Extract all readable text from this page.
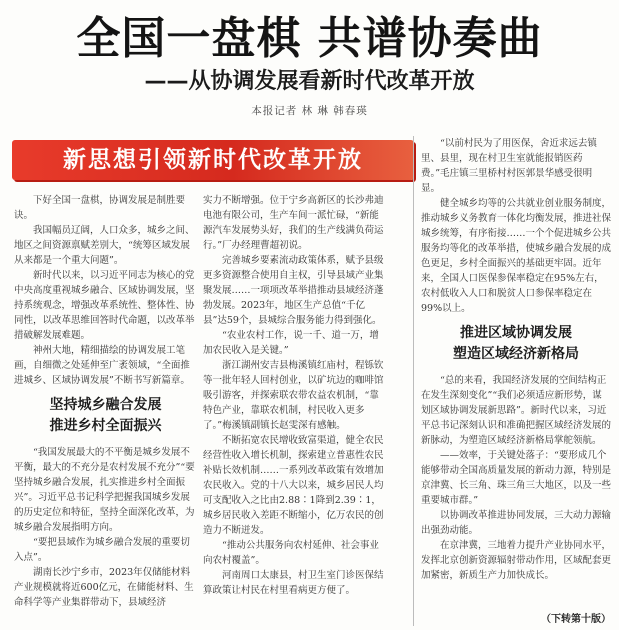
全国一盘棋 共谱协奏曲
——从协调发展看新时代改革开放
本报记者 林 琳 韩春瑛
新思想引领新时代改革开放

下好全国一盘棋，协调发展是制胜要诀。

我国幅员辽阔，人口众多，城乡之间、地区之间资源禀赋差别大，“统筹区域发展从来都是一个重大问题”。

新时代以来，以习近平同志为核心的党中央高度重视城乡融合、区域协调发展，坚持系统观念，增强改革系统性、整体性、协同性，以改革思维回答时代命题，以改革举措破解发展难题。

神州大地，精细描绘的协调发展工笔画，自细微之处延伸至广袤领域，“全面推进城乡、区域协调发展”不断书写新篇章。

坚持城乡融合发展
推进乡村全面振兴

“我国发展最大的不平衡是城乡发展不平衡，最大的不充分是农村发展不充分”“要坚持城乡融合发展，扎实推进乡村全面振兴”。习近平总书记科学把握我国城乡发展的历史定位和特征，坚持全面深化改革，为城乡融合发展指明方向。

“要把县域作为城乡融合发展的重要切入点”。

湖南长沙宁乡市，2023年仅储能材料产业规模就将近600亿元，在储能材料、生命科学等产业集群带动下，县域经济

实力不断增强。位于宁乡高新区的长沙弗迪电池有限公司，生产车间一派忙碌，“新能源汽车发展势头好，我们的生产线满负荷运行。”厂办经理曹超初说。

完善城乡要素流动政策体系，赋予县级更多资源整合使用自主权，引导县域产业集聚发展……一项项改革举措推动县域经济蓬勃发展。2023年，地区生产总值“千亿县”达59个，县城综合服务能力得到强化。

“农业农村工作，说一千、道一万，增加农民收入是关键。”

浙江湖州安吉县梅溪镇红庙村，程铄钦等一批年轻人回村创业，以矿坑边的咖啡馆吸引游客，并探索联农带农益农机制，“靠特色产业，靠联农机制，村民收入更多了。”梅溪镇副镇长赵雯深有感触。

不断拓宽农民增收致富渠道，健全农民经营性收入增长机制，探索建立普惠性农民补贴长效机制……一系列改革政策有效增加农民收入。党的十八大以来，城乡居民人均可支配收入之比由2.88∶1降到2.39∶1，城乡居民收入差距不断缩小，亿万农民的创造力不断迸发。

“推动公共服务向农村延伸、社会事业向农村覆盖”。

河南周口太康县，村卫生室门诊医保结算政策让村民在村里看病更方便了。

“以前村民为了用医保，舍近求远去镇里、县里，现在村卫生室就能报销医药费。”毛庄镇三里桥村村医郭景华感受很明显。

健全城乡均等的公共就业创业服务制度，推动城乡义务教育一体化均衡发展，推进社保城乡统筹，有序衔接……一个个促进城乡公共服务均等化的改革举措，使城乡融合发展的成色更足，乡村全面振兴的基础更牢固。近年来，全国人口医保参保率稳定在95%左右，农村低收入人口和脱贫人口参保率稳定在99%以上。

推进区域协调发展
塑造区域经济新格局

“总的来看，我国经济发展的空间结构正在发生深刻变化”“我们必须适应新形势，谋划区域协调发展新思路”。新时代以来，习近平总书记深刻认识和准确把握区域经济发展的新脉动，为塑造区域经济新格局掌舵领航。

——效率，于关键处落子：“要形成几个能够带动全国高质量发展的新动力源，特别是京津冀、长三角、珠三角三大地区，以及一些重要城市群。”

以协调改革推进协同发展，三大动力源输出强劲动能。

在京津冀，三地着力提升产业协同水平，发挥北京创新资源辐射带动作用，区域配套更加紧密，新质生产力加快成长。

（下转第十版）
